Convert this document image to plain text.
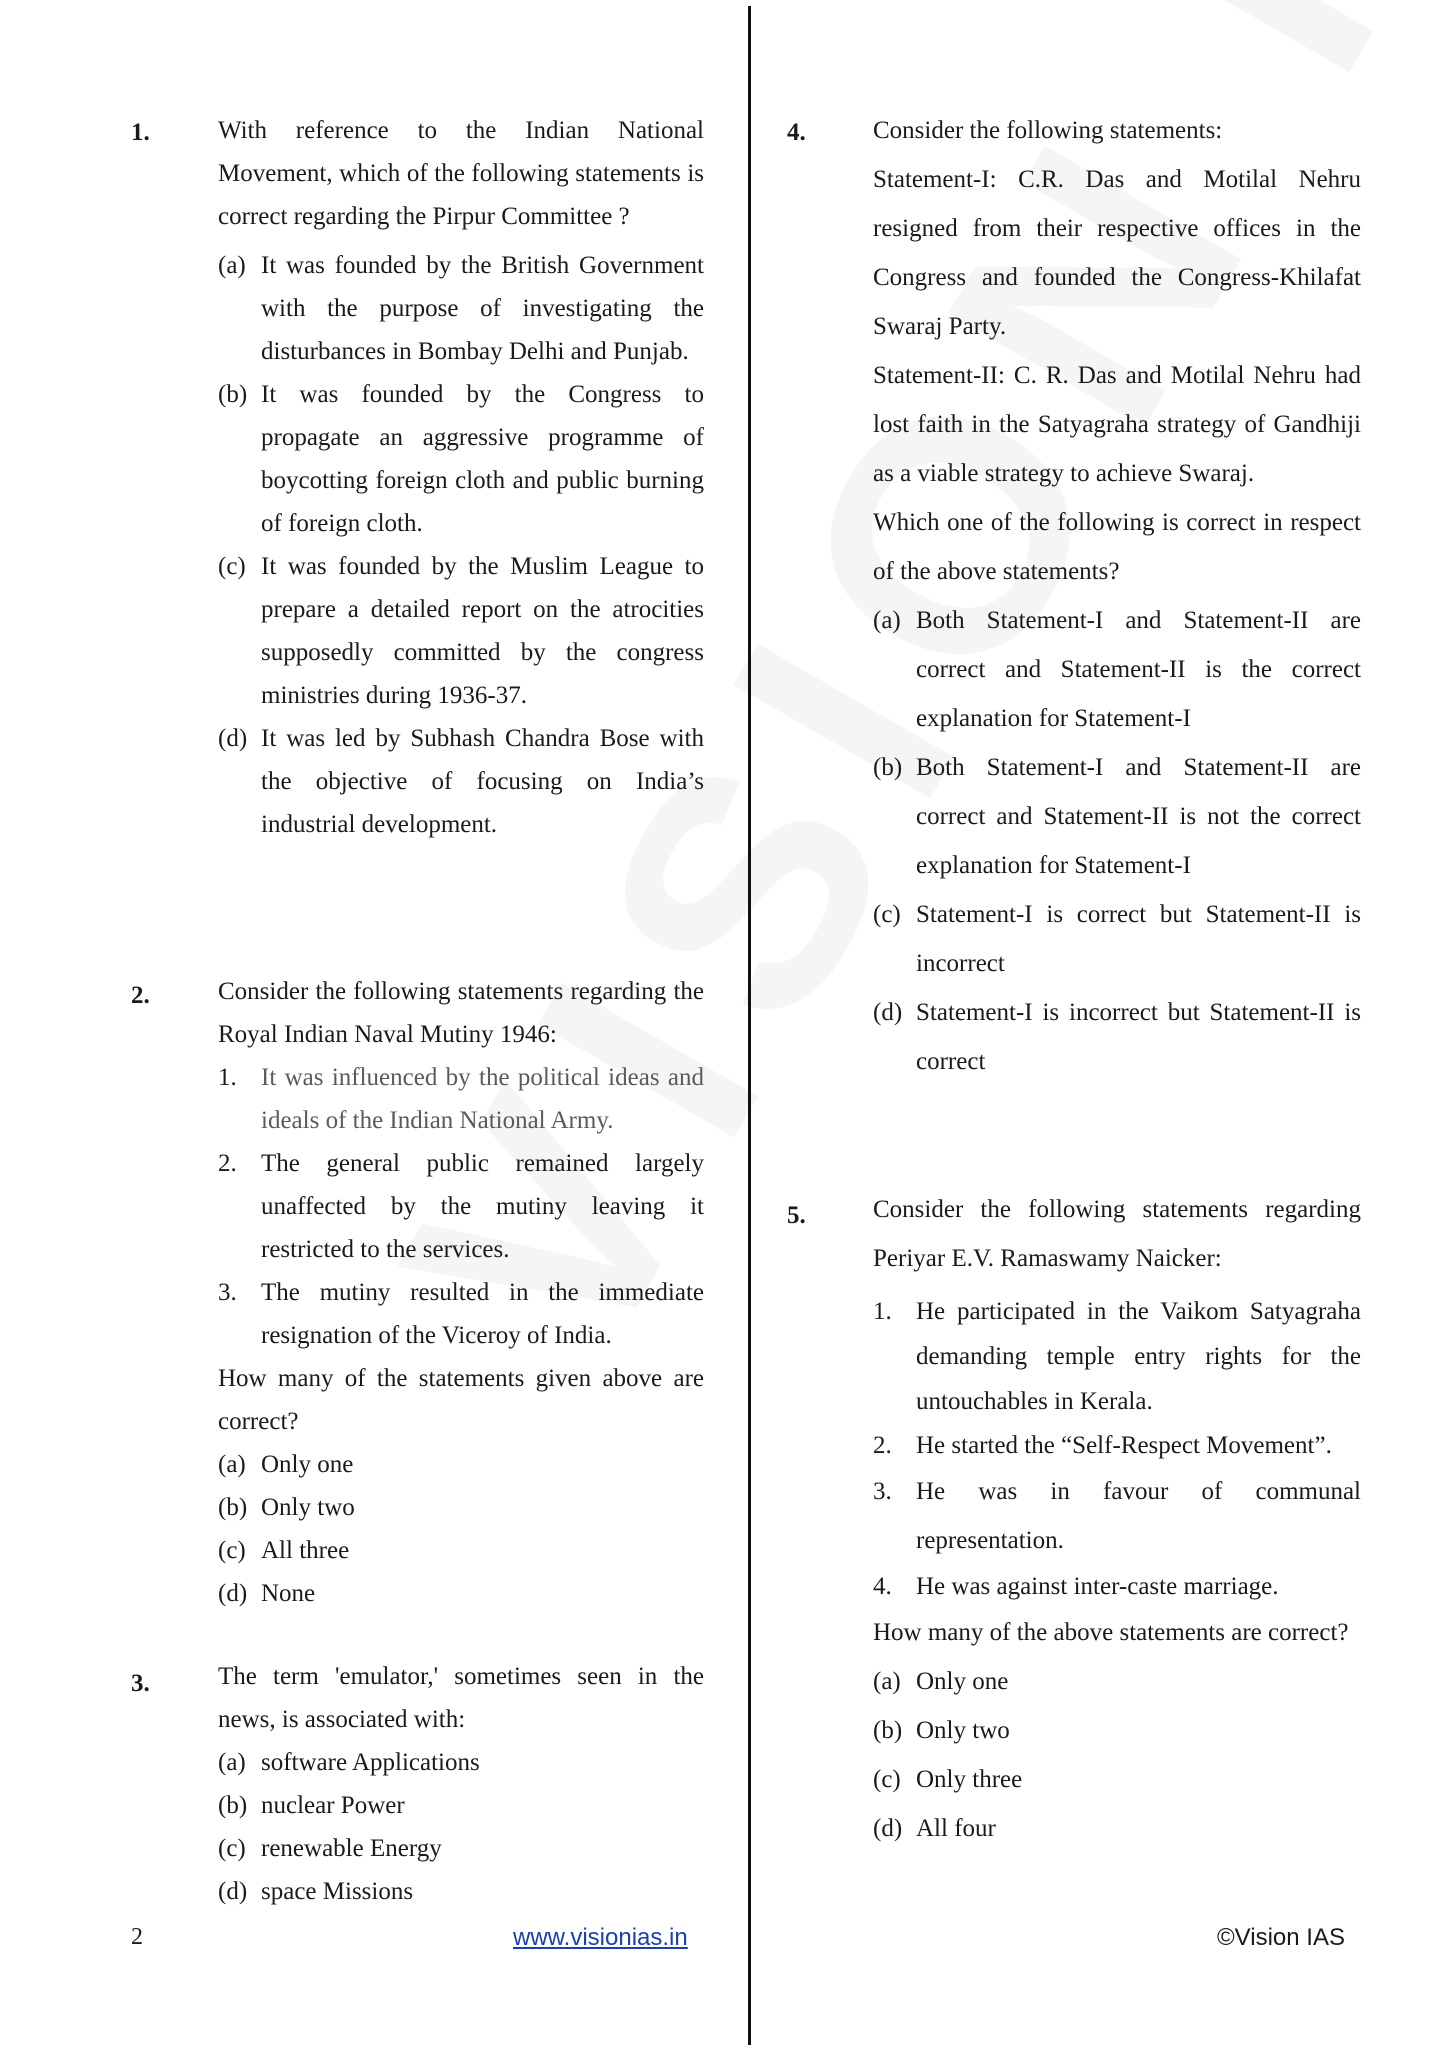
1.	With reference to the Indian National Movement, which of the following statements is correct regarding the Pirpur Committee ?
(a) It was founded by the British Government with the purpose of investigating the disturbances in Bombay Delhi and Punjab.
(b) It was founded by the Congress to propagate an aggressive programme of boycotting foreign cloth and public burning of foreign cloth.
(c) It was founded by the Muslim League to prepare a detailed report on the atrocities supposedly committed by the congress ministries during 1936-37.
(d) It was led by Subhash Chandra Bose with the objective of focusing on India’s industrial development.
2.	Consider the following statements regarding the Royal Indian Naval Mutiny 1946:
1. It was influenced by the political ideas and ideals of the Indian National Army.
2. The general public remained largely unaffected by the mutiny leaving it restricted to the services.
3. The mutiny resulted in the immediate resignation of the Viceroy of India.
How many of the statements given above are correct?
(a) Only one
(b) Only two
(c) All three
(d) None
3.	The term 'emulator,' sometimes seen in the news, is associated with:
(a) software Applications
(b) nuclear Power
(c) renewable Energy
(d) space Missions
4.	Consider the following statements:
Statement-I: C.R. Das and Motilal Nehru resigned from their respective offices in the Congress and founded the Congress-Khilafat Swaraj Party.
Statement-II: C. R. Das and Motilal Nehru had lost faith in the Satyagraha strategy of Gandhiji as a viable strategy to achieve Swaraj.
Which one of the following is correct in respect of the above statements?
(a) Both Statement-I and Statement-II are correct and Statement-II is the correct explanation for Statement-I
(b) Both Statement-I and Statement-II are correct and Statement-II is not the correct explanation for Statement-I
(c) Statement-I is correct but Statement-II is incorrect
(d) Statement-I is incorrect but Statement-II is correct
5.	Consider the following statements regarding Periyar E.V. Ramaswamy Naicker:
1. He participated in the Vaikom Satyagraha demanding temple entry rights for the untouchables in Kerala.
2. He started the “Self-Respect Movement”.
3. He was in favour of communal representation.
4. He was against inter-caste marriage.
How many of the above statements are correct?
(a) Only one
(b) Only two
(c) Only three
(d) All four
2	www.visionias.in	©Vision IAS
